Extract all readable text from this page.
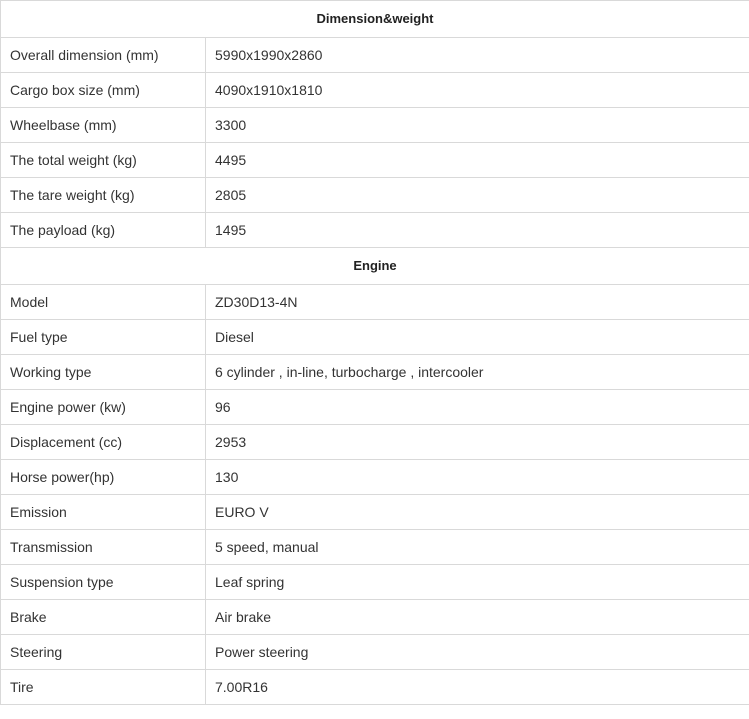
Dimension&weight	
Overall dimension (mm)	5990x1990x2860
Cargo box size (mm)	4090x1910x1810
Wheelbase (mm)	3300
The total weight (kg)	4495
The tare weight (kg)	2805
The payload (kg)	1495
Engine	
Model	ZD30D13-4N
Fuel type	Diesel
Working type	6 cylinder , in-line, turbocharge , intercooler
Engine power (kw)	96
Displacement (cc)	2953
Horse power(hp)	130
Emission	EURO V
Transmission	5 speed, manual
Suspension type	Leaf spring
Brake	Air brake
Steering	Power steering
Tire	7.00R16
